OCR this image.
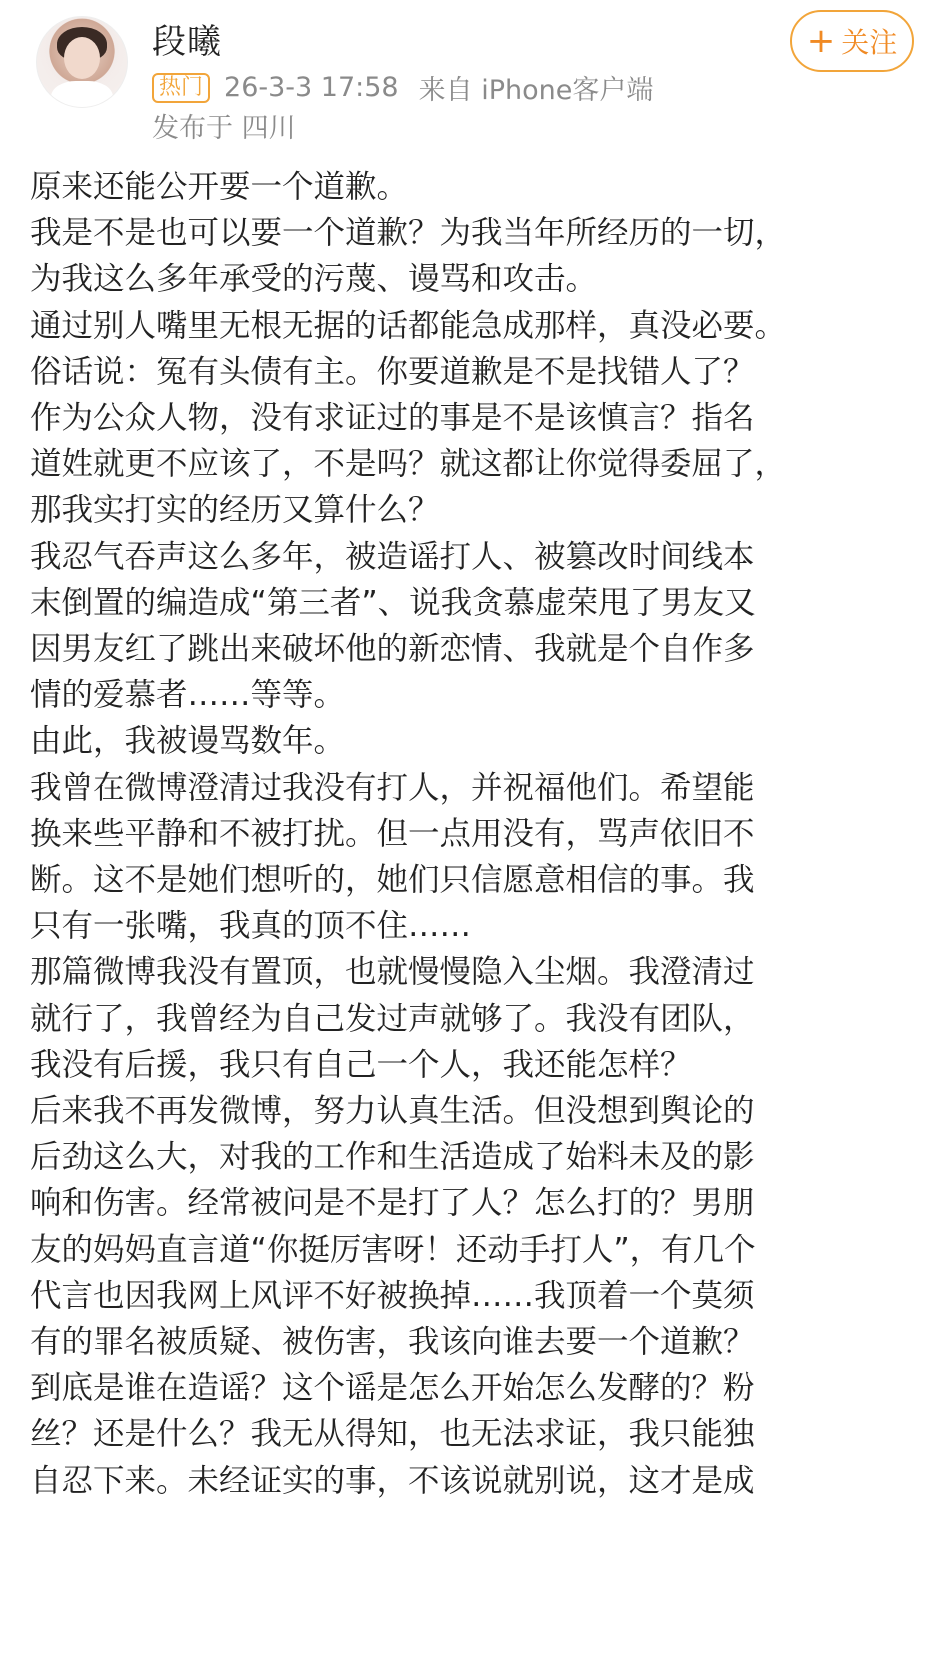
段曦
热门 26-3-3 17:58 来自 iPhone客户端
发布于 四川
+ 关注

原来还能公开要一个道歉。

我是不是也可以要一个道歉？为我当年所经历的一切，

为我这么多年承受的污蔑、谩骂和攻击。

通过别人嘴里无根无据的话都能急成那样，真没必要。

俗话说：冤有头债有主。你要道歉是不是找错人了？

作为公众人物，没有求证过的事是不是该慎言？指名

道姓就更不应该了，不是吗？就这都让你觉得委屈了，

那我实打实的经历又算什么？

我忍气吞声这么多年，被造谣打人、被篡改时间线本

末倒置的编造成“第三者”、说我贪慕虚荣甩了男友又

因男友红了跳出来破坏他的新恋情、我就是个自作多

情的爱慕者……等等。

由此，我被谩骂数年。

我曾在微博澄清过我没有打人，并祝福他们。希望能

换来些平静和不被打扰。但一点用没有，骂声依旧不

断。这不是她们想听的，她们只信愿意相信的事。我

只有一张嘴，我真的顶不住……

那篇微博我没有置顶，也就慢慢隐入尘烟。我澄清过

就行了，我曾经为自己发过声就够了。我没有团队，

我没有后援，我只有自己一个人，我还能怎样？

后来我不再发微博，努力认真生活。但没想到舆论的

后劲这么大，对我的工作和生活造成了始料未及的影

响和伤害。经常被问是不是打了人？怎么打的？男朋

友的妈妈直言道“你挺厉害呀！还动手打人”，有几个

代言也因我网上风评不好被换掉……我顶着一个莫须

有的罪名被质疑、被伤害，我该向谁去要一个道歉？

到底是谁在造谣？这个谣是怎么开始怎么发酵的？粉

丝？还是什么？我无从得知，也无法求证，我只能独

自忍下来。未经证实的事，不该说就别说，这才是成
